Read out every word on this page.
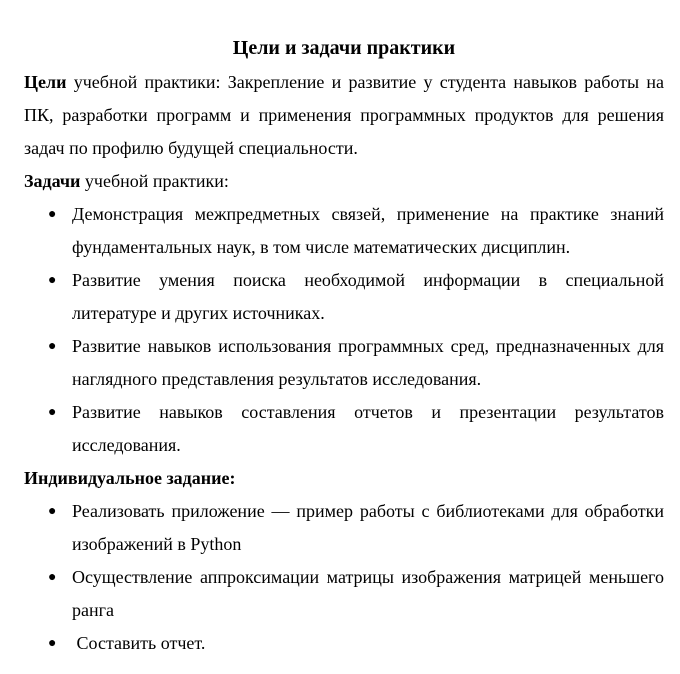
Цели и задачи практики

Цели учебной практики: Закрепление и развитие у студента навыков работы на ПК, разработки программ и применения программных продуктов для решения задач по профилю будущей специальности.

Задачи учебной практики:

● Демонстрация межпредметных связей, применение на практике знаний фундаментальных наук, в том числе математических дисциплин.
● Развитие умения поиска необходимой информации в специальной литературе и других источниках.
● Развитие навыков использования программных сред, предназначенных для наглядного представления результатов исследования.
● Развитие навыков составления отчетов и презентации результатов исследования.

Индивидуальное задание:

● Реализовать приложение — пример работы с библиотеками для обработки изображений в Python
● Осуществление аппроксимации матрицы изображения матрицей меньшего ранга
● Составить отчет.
